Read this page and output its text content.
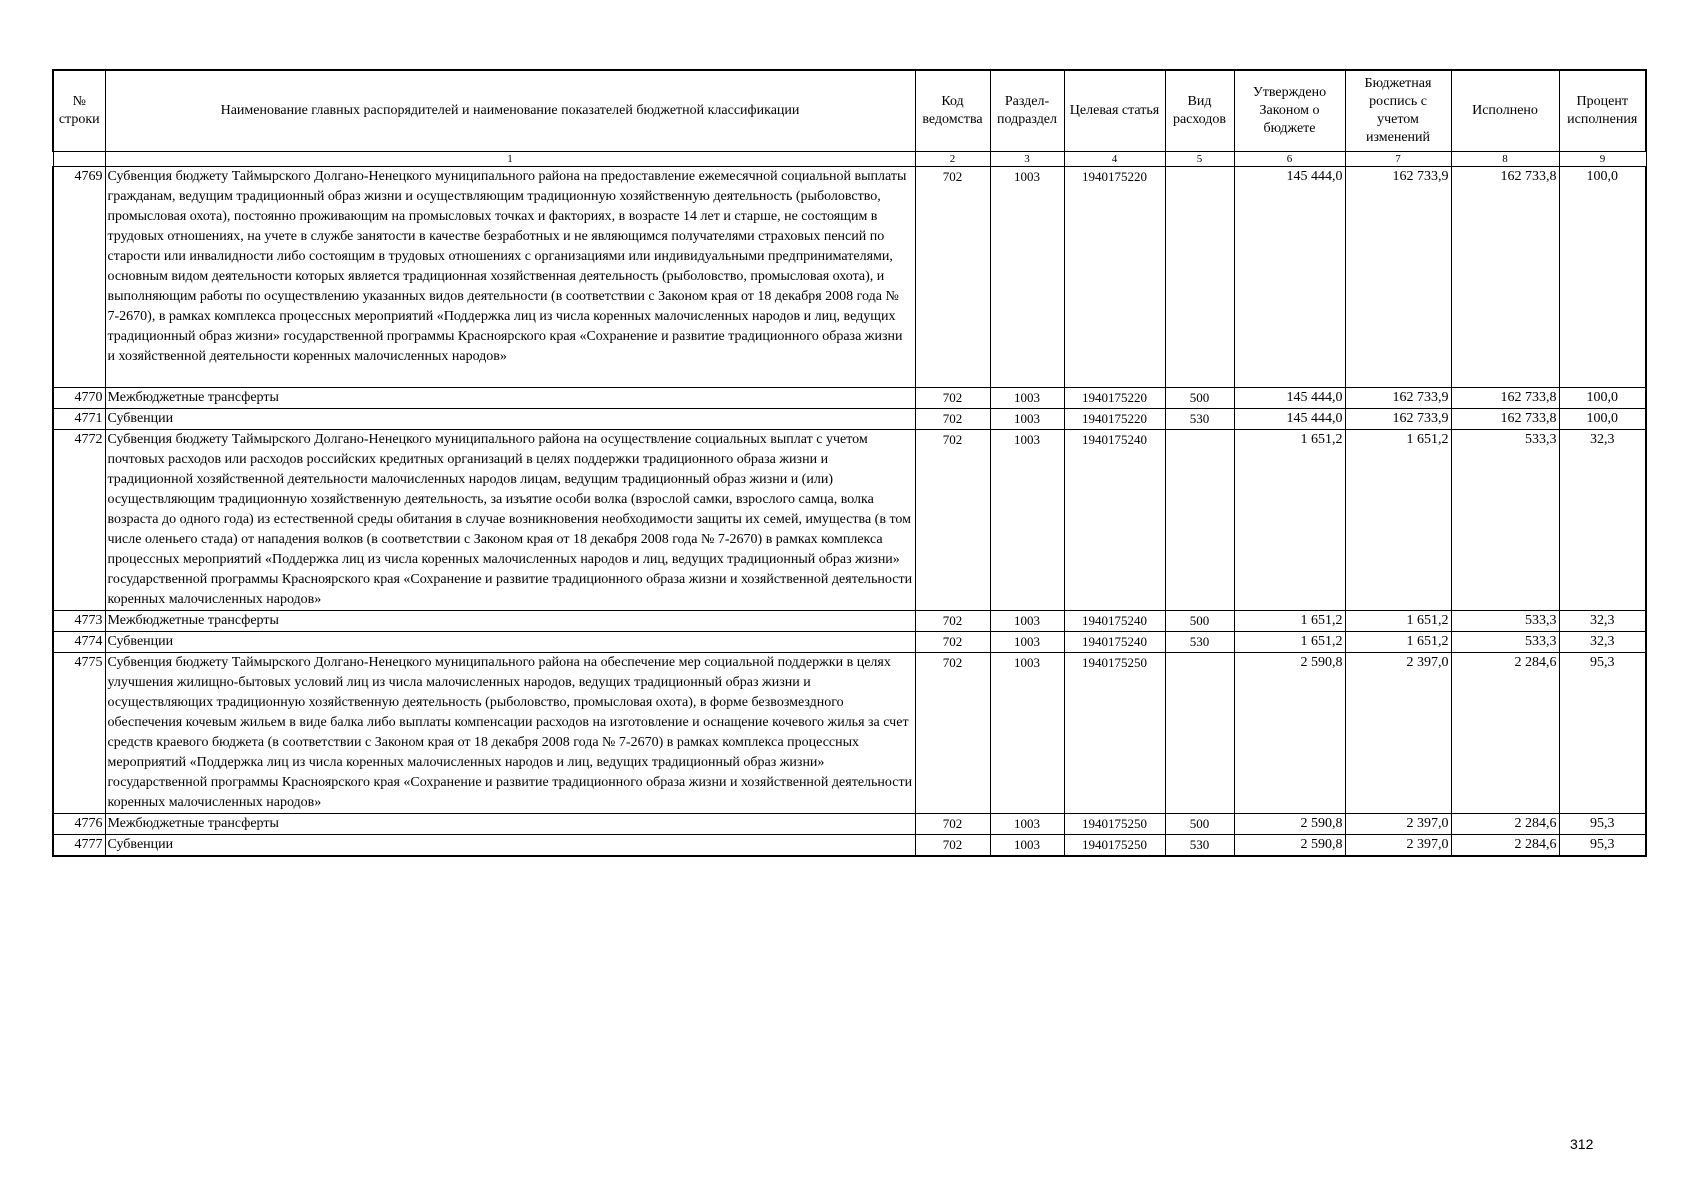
№ строки	Наименование главных распорядителей и наименование показателей бюджетной классификации	Код ведомства	Раздел-подраздел	Целевая статья	Вид расходов	Утверждено Законом о бюджете	Бюджетная роспись с учетом изменений	Исполнено	Процент исполнения
	1	2	3	4	5	6	7	8	9
4769	Субвенция бюджету Таймырского Долгано-Ненецкого муниципального района на предоставление ежемесячной социальной выплаты гражданам, ведущим традиционный образ жизни и осуществляющим традиционную хозяйственную деятельность (рыболовство, промысловая охота), постоянно проживающим на промысловых точках и факториях, в возрасте 14 лет и старше, не состоящим в трудовых отношениях, на учете в службе занятости в качестве безработных и не являющимся получателями страховых пенсий по старости или инвалидности либо состоящим в трудовых отношениях с организациями или индивидуальными предпринимателями, основным видом деятельности которых является традиционная хозяйственная деятельность (рыболовство, промысловая охота), и выполняющим работы по осуществлению указанных видов деятельности (в соответствии с Законом края от 18 декабря 2008 года № 7-2670), в рамках комплекса процессных мероприятий «Поддержка лиц из числа коренных малочисленных народов и лиц, ведущих традиционный образ жизни» государственной программы Красноярского края «Сохранение и развитие традиционного образа жизни и хозяйственной деятельности коренных малочисленных народов»	702	1003	1940175220		145 444,0	162 733,9	162 733,8	100,0
4770	Межбюджетные трансферты	702	1003	1940175220	500	145 444,0	162 733,9	162 733,8	100,0
4771	Субвенции	702	1003	1940175220	530	145 444,0	162 733,9	162 733,8	100,0
4772	Субвенция бюджету Таймырского Долгано-Ненецкого муниципального района на осуществление социальных выплат с учетом почтовых расходов или расходов российских кредитных организаций в целях поддержки традиционного образа жизни и традиционной хозяйственной деятельности малочисленных народов лицам, ведущим традиционный образ жизни и (или) осуществляющим традиционную хозяйственную деятельность, за изъятие особи волка (взрослой самки, взрослого самца, волка возраста до одного года) из естественной среды обитания в случае возникновения необходимости защиты их семей, имущества (в том числе оленьего стада) от нападения волков (в соответствии с Законом края от 18 декабря 2008 года № 7-2670) в рамках комплекса процессных мероприятий «Поддержка лиц из числа коренных малочисленных народов и лиц, ведущих традиционный образ жизни» государственной программы Красноярского края «Сохранение и развитие традиционного образа жизни и хозяйственной деятельности коренных малочисленных народов»	702	1003	1940175240		1 651,2	1 651,2	533,3	32,3
4773	Межбюджетные трансферты	702	1003	1940175240	500	1 651,2	1 651,2	533,3	32,3
4774	Субвенции	702	1003	1940175240	530	1 651,2	1 651,2	533,3	32,3
4775	Субвенция бюджету Таймырского Долгано-Ненецкого муниципального района на обеспечение мер социальной поддержки в целях улучшения жилищно-бытовых условий лиц из числа малочисленных народов, ведущих традиционный образ жизни и осуществляющих традиционную хозяйственную деятельность (рыболовство, промысловая охота), в форме безвозмездного обеспечения кочевым жильем в виде балка либо выплаты компенсации расходов на изготовление и оснащение кочевого жилья за счет средств краевого бюджета (в соответствии с Законом края от 18 декабря 2008 года № 7-2670) в рамках комплекса процессных мероприятий «Поддержка лиц из числа коренных малочисленных народов и лиц, ведущих традиционный образ жизни» государственной программы Красноярского края «Сохранение и развитие традиционного образа жизни и хозяйственной деятельности коренных малочисленных народов»	702	1003	1940175250		2 590,8	2 397,0	2 284,6	95,3
4776	Межбюджетные трансферты	702	1003	1940175250	500	2 590,8	2 397,0	2 284,6	95,3
4777	Субвенции	702	1003	1940175250	530	2 590,8	2 397,0	2 284,6	95,3
312
